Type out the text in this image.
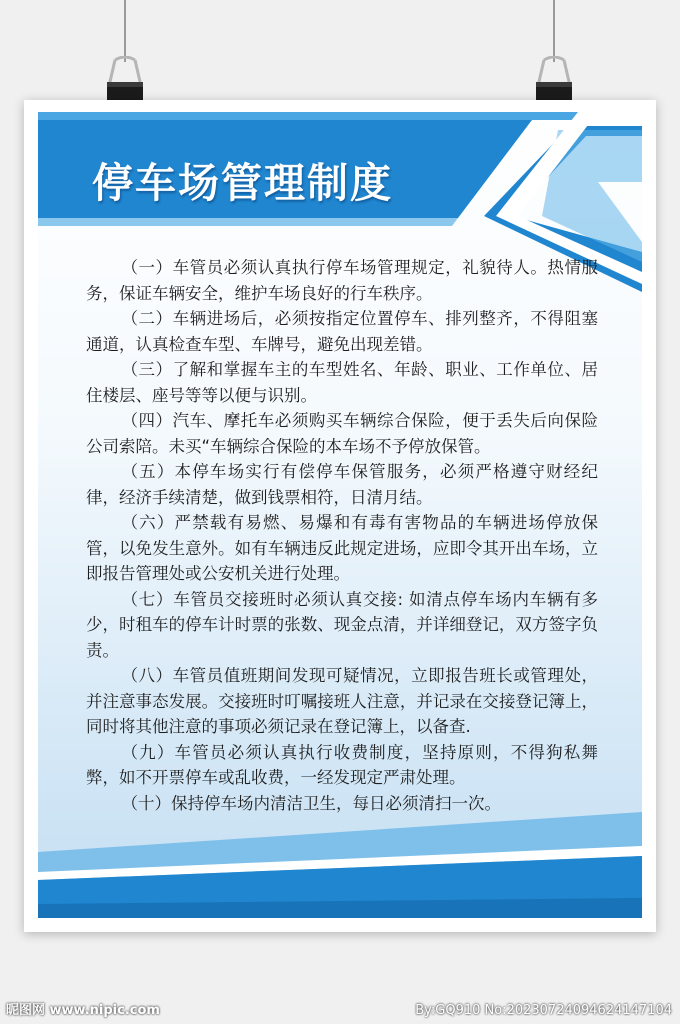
停车场管理制度

（一）车管员必须认真执行停车场管理规定，礼貌待人。热情服务，保证车辆安全，维护车场良好的行车秩序。

（二）车辆进场后，必须按指定位置停车、排列整齐，不得阻塞通道，认真检查车型、车牌号，避免出现差错。

（三）了解和掌握车主的车型姓名、年龄、职业、工作单位、居住楼层、座号等等以便与识别。

（四）汽车、摩托车必须购买车辆综合保险，便于丢失后向保险公司索陪。未买“车辆综合保险的本车场不予停放保管。

（五）本停车场实行有偿停车保管服务，必须严格遵守财经纪律，经济手续清楚，做到钱票相符，日清月结。

（六）严禁载有易燃、易爆和有毒有害物品的车辆进场停放保管，以免发生意外。如有车辆违反此规定进场，应即令其开出车场，立即报告管理处或公安机关进行处理。

（七）车管员交接班时必须认真交接: 如清点停车场内车辆有多少，时租车的停车计时票的张数、现金点清，并详细登记，双方签字负责。

（八）车管员值班期间发现可疑情况，立即报告班长或管理处，并注意事态发展。交接班时叮嘱接班人注意，并记录在交接登记簿上，同时将其他注意的事项必须记录在登记簿上，以备查.

（九）车管员必须认真执行收费制度，坚持原则，不得狗私舞弊，如不开票停车或乱收费，一经发现定严肃处理。

（十）保持停车场内清洁卫生，每日必须清扫一次。

昵图网 www.nipic.com	By:GQ910 No:20230724094624147104
